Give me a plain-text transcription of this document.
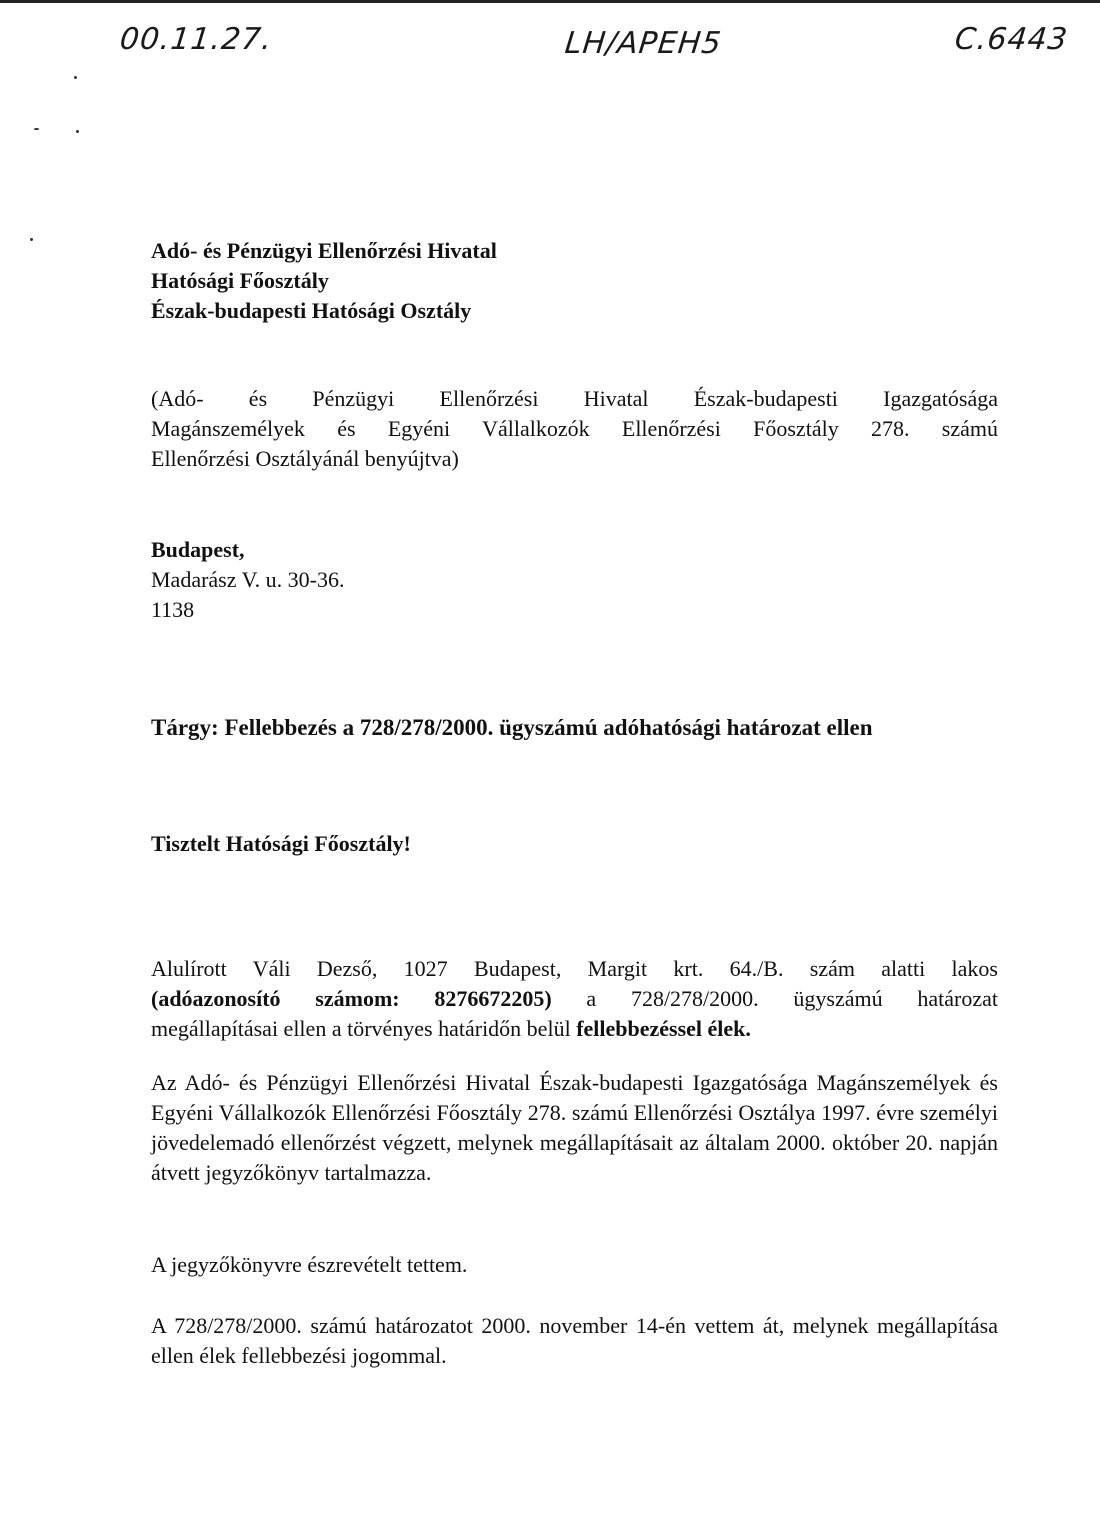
00.11.27.	LH/APEH5	C.6443

Adó- és Pénzügyi Ellenőrzési Hivatal

Hatósági Főosztály

Észak-budapesti Hatósági Osztály

(Adó- és Pénzügyi Ellenőrzési Hivatal Észak-budapesti Igazgatósága

Magánszemélyek és Egyéni Vállalkozók Ellenőrzési Főosztály 278. számú

Ellenőrzési Osztályánál benyújtva)

Budapest,

Madarász V. u. 30-36.

1138

Tárgy: Fellebbezés a 728/278/2000. ügyszámú adóhatósági határozat ellen
Tisztelt Hatósági Főosztály!

Alulírott Váli Dezső, 1027 Budapest, Margit krt. 64./B. szám alatti lakos

(adóazonosító számom: 8276672205) a 728/278/2000. ügyszámú határozat

megállapításai ellen a törvényes határidőn belül fellebbezéssel élek.

Az Adó- és Pénzügyi Ellenőrzési Hivatal Észak-budapesti Igazgatósága Magánszemélyek és Egyéni Vállalkozók Ellenőrzési Főosztály 278. számú Ellenőrzési Osztálya 1997. évre személyi jövedelemadó ellenőrzést végzett, melynek megállapításait az általam 2000. október 20. napján átvett jegyzőkönyv tartalmazza.

A jegyzőkönyvre észrevételt tettem.

A 728/278/2000. számú határozatot 2000. november 14-én vettem át, melynek megállapítása ellen élek fellebbezési jogommal.
